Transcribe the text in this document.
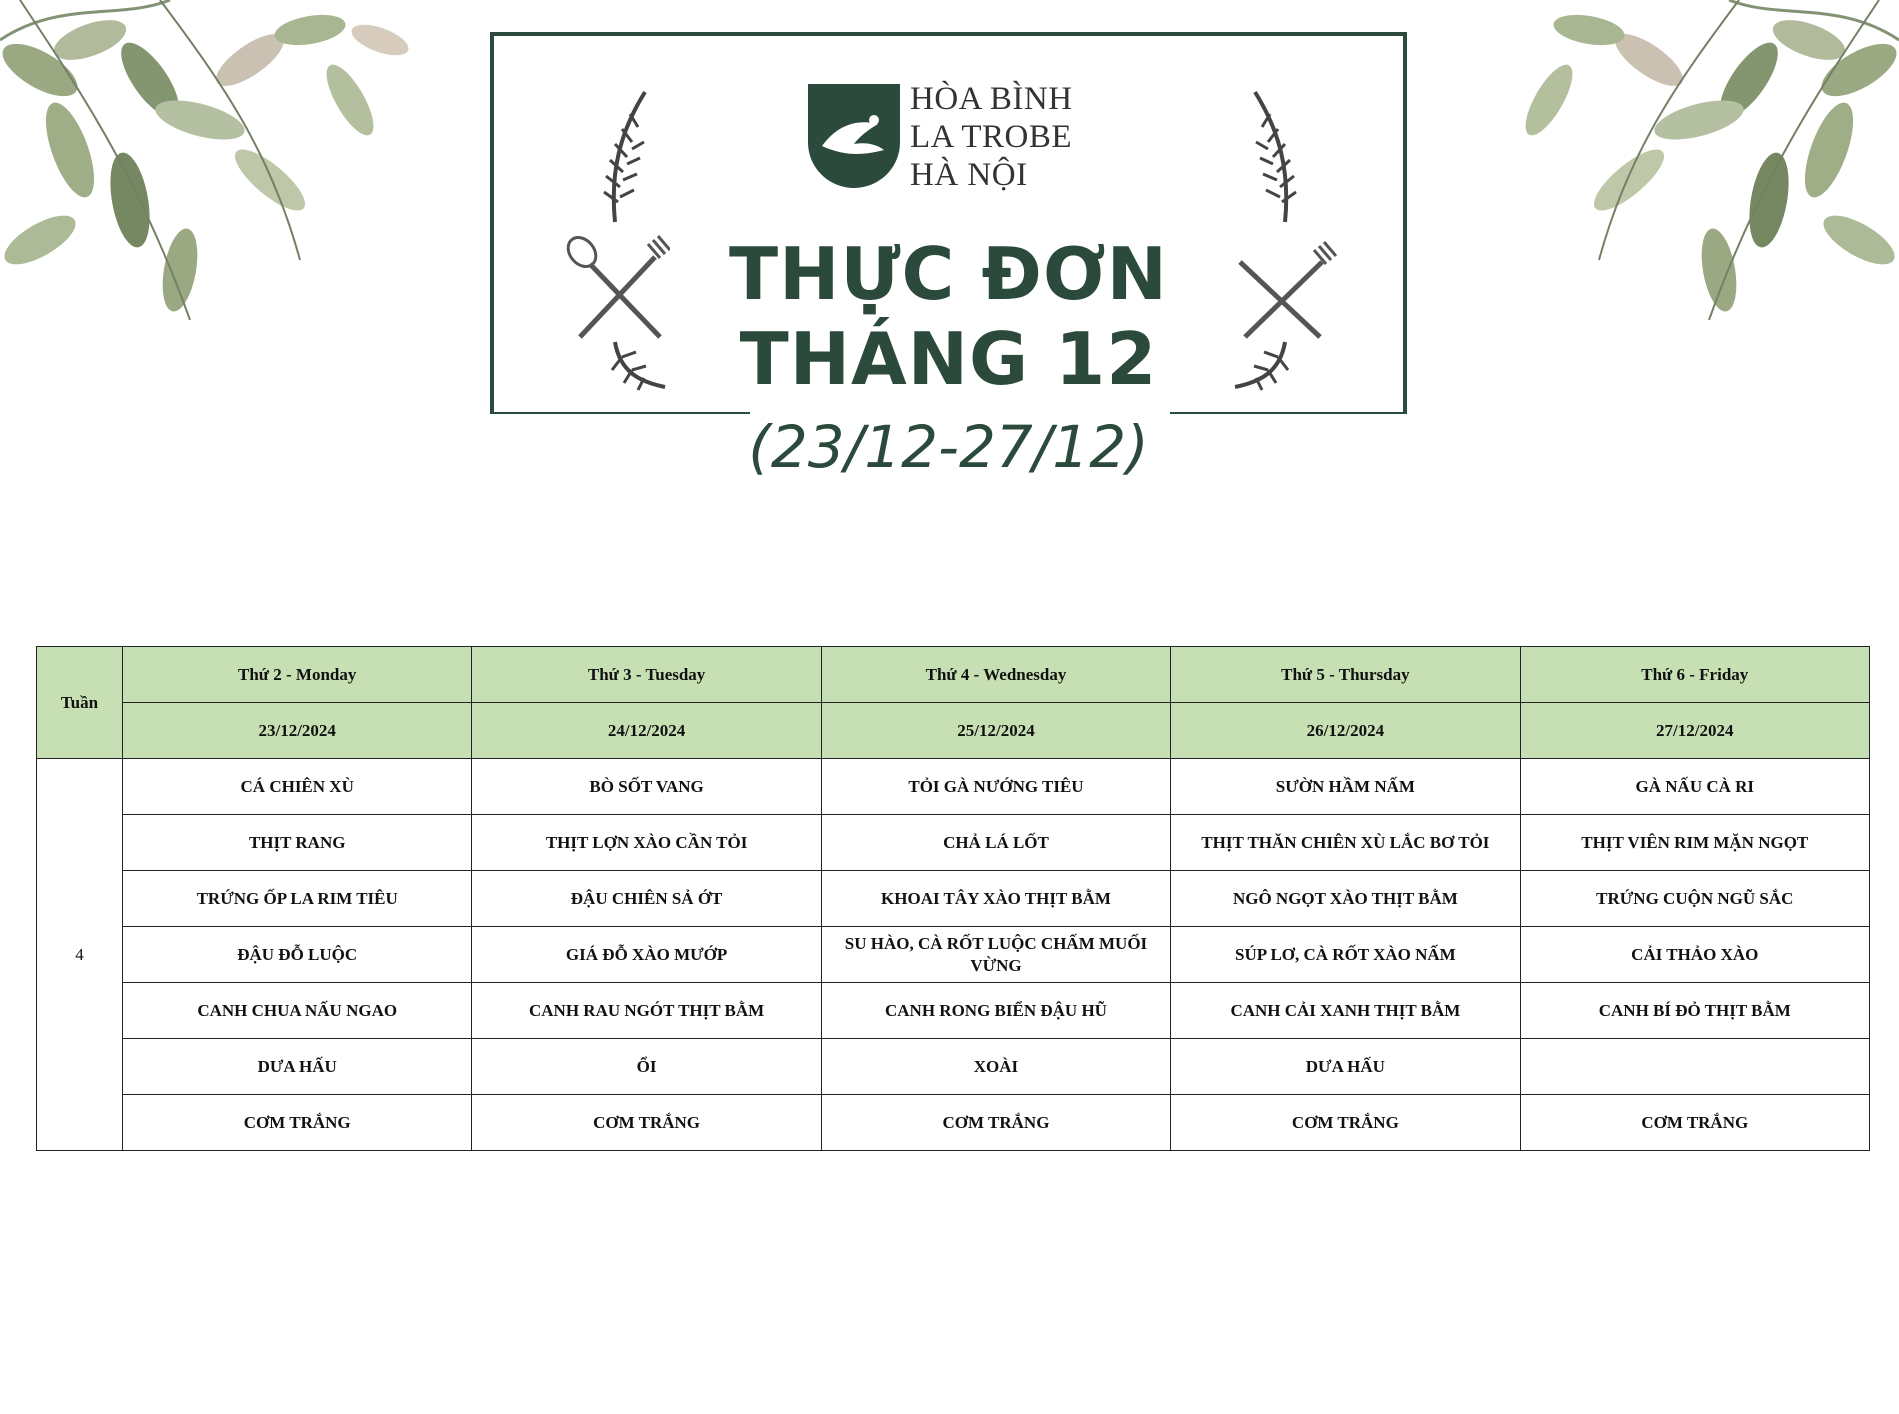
HÒA BÌNH
LA TROBE
HÀ NỘI
THỰC ĐƠN
THÁNG 12
(23/12-27/12)
Tuần	Thứ 2 - Monday	Thứ 3 - Tuesday	Thứ 4 - Wednesday	Thứ 5 - Thursday	Thứ 6 - Friday
	23/12/2024	24/12/2024	25/12/2024	26/12/2024	27/12/2024
4	CÁ CHIÊN XÙ	BÒ SỐT VANG	TỎI GÀ NƯỚNG TIÊU	SƯỜN HẦM NẤM	GÀ NẤU CÀ RI
	THỊT RANG	THỊT LỢN XÀO CẦN TỎI	CHẢ LÁ LỐT	THỊT THĂN CHIÊN XÙ LẮC BƠ TỎI	THỊT VIÊN RIM MẶN NGỌT
	TRỨNG ỐP LA RIM TIÊU	ĐẬU CHIÊN SẢ ỚT	KHOAI TÂY XÀO THỊT BẰM	NGÔ NGỌT XÀO THỊT BẰM	TRỨNG CUỘN NGŨ SẮC
	ĐẬU ĐỖ LUỘC	GIÁ ĐỖ XÀO MƯỚP	SU HÀO, CÀ RỐT LUỘC CHẤM MUỐI VỪNG	SÚP LƠ, CÀ RỐT XÀO NẤM	CẢI THẢO XÀO
	CANH CHUA NẤU NGAO	CANH RAU NGÓT THỊT BẰM	CANH RONG BIỂN ĐẬU HŨ	CANH CẢI XANH THỊT BẰM	CANH BÍ ĐỎ THỊT BẰM
	DƯA HẤU	ỔI	XOÀI	DƯA HẤU	
	CƠM TRẮNG	CƠM TRẮNG	CƠM TRẮNG	CƠM TRẮNG	CƠM TRẮNG
